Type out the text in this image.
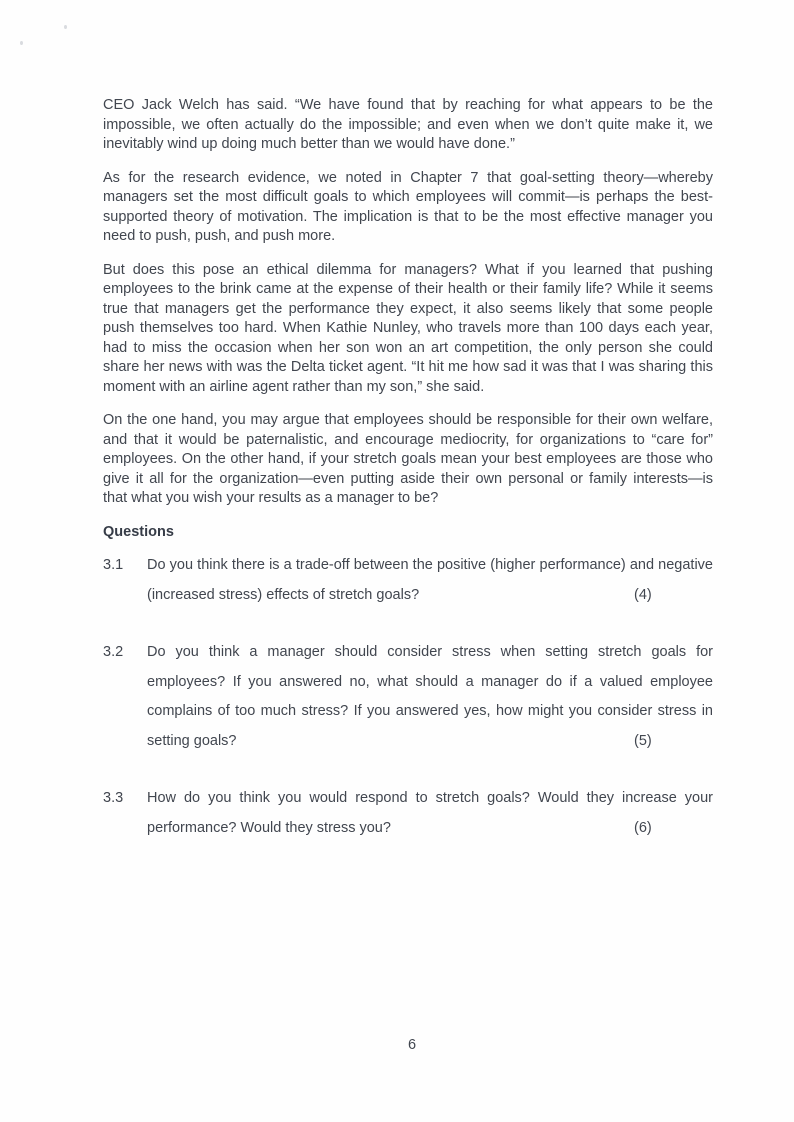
CEO Jack Welch has said. “We have found that by reaching for what appears to be the impossible, we often actually do the impossible; and even when we don’t quite make it, we inevitably wind up doing much better than we would have done.”

As for the research evidence, we noted in Chapter 7 that goal-setting theory—whereby managers set the most difficult goals to which employees will commit—is perhaps the best-supported theory of motivation. The implication is that to be the most effective manager you need to push, push, and push more.

But does this pose an ethical dilemma for managers? What if you learned that pushing employees to the brink came at the expense of their health or their family life? While it seems true that managers get the performance they expect, it also seems likely that some people push themselves too hard. When Kathie Nunley, who travels more than 100 days each year, had to miss the occasion when her son won an art competition, the only person she could share her news with was the Delta ticket agent. “It hit me how sad it was that I was sharing this moment with an airline agent rather than my son,” she said.

On the one hand, you may argue that employees should be responsible for their own welfare, and that it would be paternalistic, and encourage mediocrity, for organizations to “care for” employees. On the other hand, if your stretch goals mean your best employees are those who give it all for the organization—even putting aside their own personal or family interests—is that what you wish your results as a manager to be?

Questions
3.1	Do you think there is a trade-off between the positive (higher performance) and negative (increased stress) effects of stretch goals?	(4)
3.2	Do you think a manager should consider stress when setting stretch goals for employees? If you answered no, what should a manager do if a valued employee complains of too much stress? If you answered yes, how might you consider stress in setting goals?	(5)
3.3	How do you think you would respond to stretch goals? Would they increase your performance? Would they stress you?	(6)
6
